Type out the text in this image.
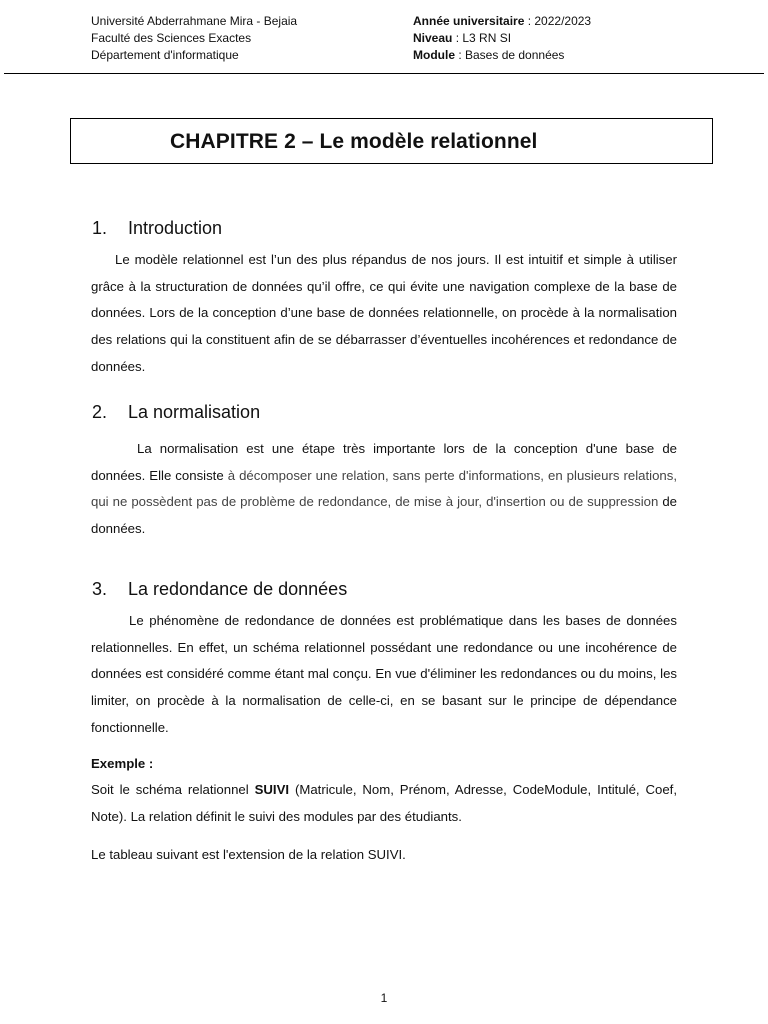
Université Abderrahmane Mira - Bejaia
Faculté des Sciences Exactes
Département d'informatique
Année universitaire : 2022/2023
Niveau : L3 RN SI
Module : Bases de données
CHAPITRE 2 – Le modèle relationnel
1. Introduction

Le modèle relationnel est l’un des plus répandus de nos jours. Il est intuitif et simple à utiliser grâce à la structuration de données qu’il offre, ce qui évite une navigation complexe de la base de données. Lors de la conception d’une base de données relationnelle, on procède à la normalisation des relations qui la constituent afin de se débarrasser d’éventuelles incohérences et redondance de données.

2. La normalisation

La normalisation est une étape très importante lors de la conception d'une base de données. Elle consiste à décomposer une relation, sans perte d'informations, en plusieurs relations, qui ne possèdent pas de problème de redondance, de mise à jour, d'insertion ou de suppression de données.

3. La redondance de données

Le phénomène de redondance de données est problématique dans les bases de données relationnelles. En effet, un schéma relationnel possédant une redondance ou une incohérence de données est considéré comme étant mal conçu. En vue d'éliminer les redondances ou du moins, les limiter, on procède à la normalisation de celle-ci, en se basant sur le principe de dépendance fonctionnelle.

Exemple :

Soit le schéma relationnel SUIVI (Matricule, Nom, Prénom, Adresse, CodeModule, Intitulé, Coef, Note). La relation définit le suivi des modules par des étudiants.

Le tableau suivant est l'extension de la relation SUIVI.

1
